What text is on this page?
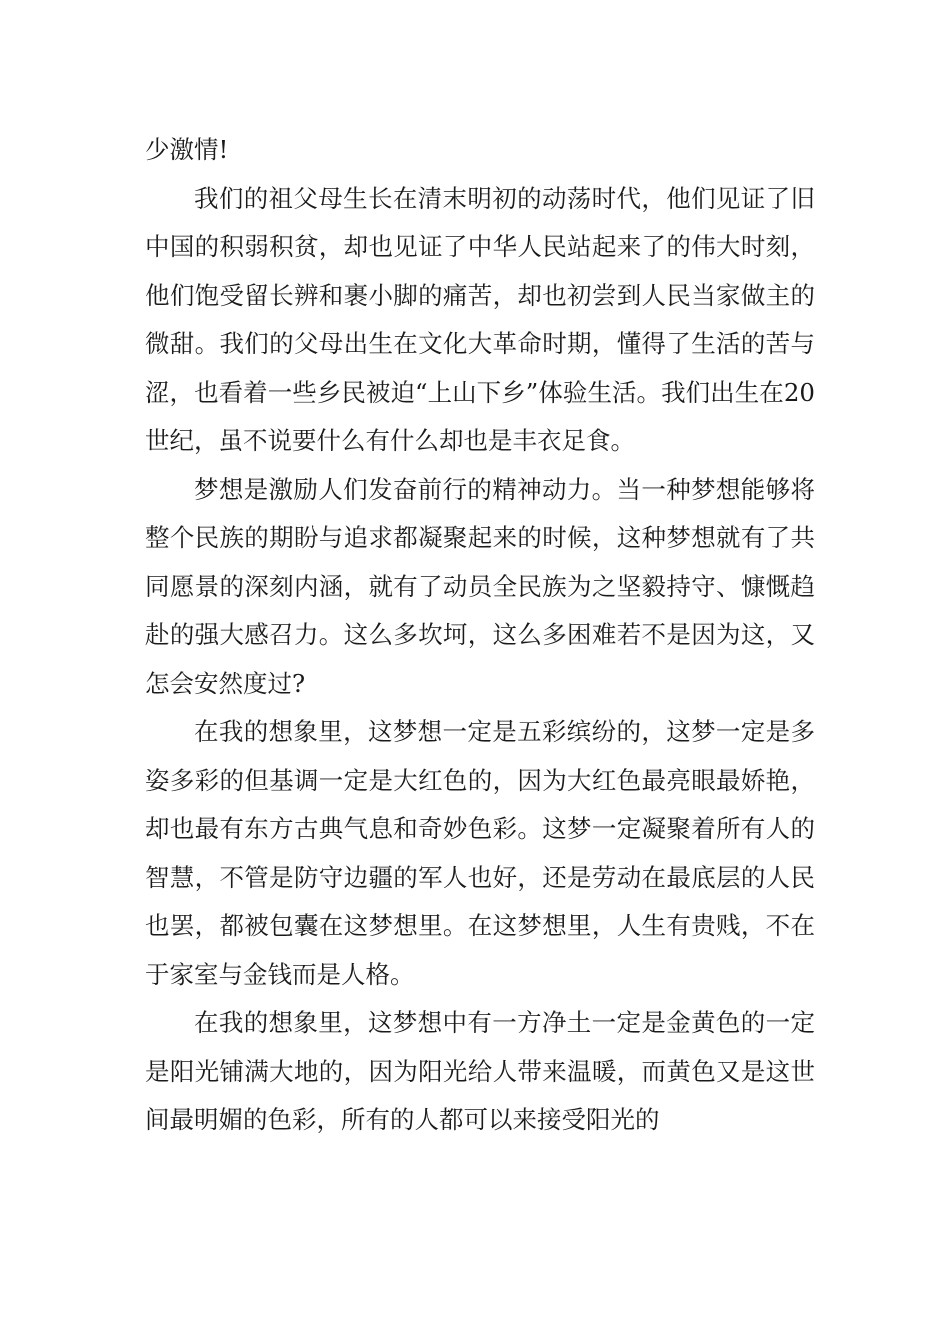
少激情!

我们的祖父母生长在清末明初的动荡时代，他们见证了旧中国的积弱积贫，却也见证了中华人民站起来了的伟大时刻，他们饱受留长辨和裹小脚的痛苦，却也初尝到人民当家做主的微甜。我们的父母出生在文化大革命时期，懂得了生活的苦与涩，也看着一些乡民被迫“上山下乡”体验生活。我们出生在20世纪，虽不说要什么有什么却也是丰衣足食。

梦想是激励人们发奋前行的精神动力。当一种梦想能够将整个民族的期盼与追求都凝聚起来的时候，这种梦想就有了共同愿景的深刻内涵，就有了动员全民族为之坚毅持守、慷慨趋赴的强大感召力。这么多坎坷，这么多困难若不是因为这，又怎会安然度过?

在我的想象里，这梦想一定是五彩缤纷的，这梦一定是多姿多彩的但基调一定是大红色的，因为大红色最亮眼最娇艳，却也最有东方古典气息和奇妙色彩。这梦一定凝聚着所有人的智慧，不管是防守边疆的军人也好，还是劳动在最底层的人民也罢，都被包囊在这梦想里。在这梦想里，人生有贵贱，不在于家室与金钱而是人格。

在我的想象里，这梦想中有一方净土一定是金黄色的一定是阳光铺满大地的，因为阳光给人带来温暖，而黄色又是这世间最明媚的色彩，所有的人都可以来接受阳光的
